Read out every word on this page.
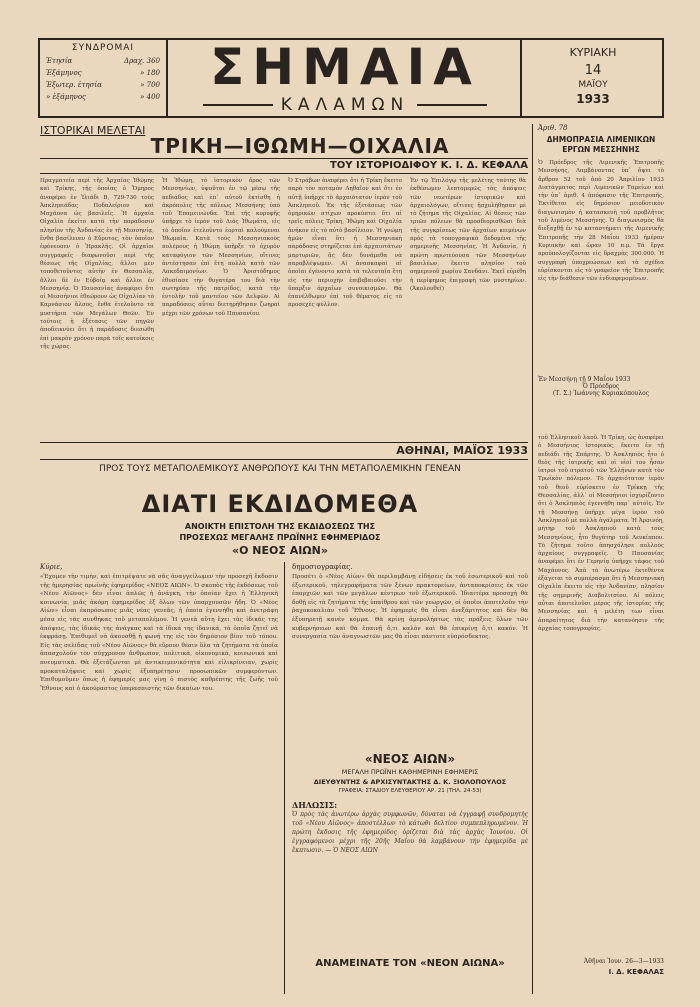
ΣΥΝΔΡΟΜΑΙ
Ἐτησία	Δραχ. 360
Ἑξάμηνος	» 180
Ἐξωτερ. ἐτησία	» 700
» ἑξάμηνος	» 400
ΣΗΜΑΙΑ
ΚΑΛΑΜΩΝ
ΚΥΡΙΑΚΗ
14
ΜΑΪΟΥ
1933
ΙΣΤΟΡΙΚΑΙ ΜΕΛΕΤΑΙ
ΤΡΙΚΗ—ΙΘΩΜΗ—ΟΙΧΑΛΙΑ
ΤΟΥ ΙΣΤΟΡΙΟΔΙΦΟΥ Κ. Ι. Δ. ΚΕΦΑΛΑ
Πραγματεία περὶ τῆς Ἀρχαίας Ἰθώμης καὶ Τρίκης, τῆς ὁποίας ὁ Ὅμηρος ἀναφέρει ἐν Ἰλιάδι Β, 729-730 τοὺς Ἀσκληπιάδας Ποδαλείριον καὶ Μαχάονα ὡς βασιλεῖς. Ἡ ἀρχαία Οἰχαλία ἐκείτο κατὰ τὴν παράδοσιν πλησίον τῆς Ἀνδανίας ἐν τῇ Μεσσηνίᾳ, ἔνθα βασίλευεν ὁ Εὔρυτος, τὸν ὁποῖον ἐφόνευσεν ὁ Ἡρακλῆς. Οἱ ἀρχαῖοι συγγραφεῖς διαφωνοῦσι περὶ τῆς θέσεως τῆς Οἰχαλίας, ἄλλοι μὲν τοποθετοῦντες αὐτὴν ἐν Θεσσαλίᾳ, ἄλλοι δὲ ἐν Εὐβοίᾳ καὶ ἄλλοι ἐν Μεσσηνίᾳ. Ὁ Παυσανίας ἀναφέρει ὅτι οἱ Μεσσήνιοι ἐθεώρουν ὡς Οἰχαλίαν τὸ Καρνάσιον ἄλσος, ἔνθα ἐτελοῦντο τὰ μυστήρια τῶν Μεγάλων Θεῶν. Ἐν τούτοις ἡ ἐξέτασις τῶν πηγῶν ἀποδεικνύει ὅτι ἡ παράδοσις διεσώθη ἐπὶ μακρὸν χρόνον παρὰ τοῖς κατοίκοις τῆς χώρας.
Ἡ Ἰθώμη, τὸ ἱστορικὸν ὄρος τῶν Μεσσηνίων, ὑψοῦται ἐν τῷ μέσῳ τῆς πεδιάδος καὶ ἐπ᾽ αὐτοῦ ἐκτίσθη ἡ ἀκρόπολις τῆς πόλεως Μεσσήνης ὑπὸ τοῦ Ἐπαμεινώνδα. Ἐπὶ τῆς κορυφῆς ὑπῆρχε τὸ ἱερὸν τοῦ Διὸς Ἰθωμάτα, εἰς τὸ ὁποῖον ἐτελοῦντο ἑορταὶ καλούμεναι Ἰθωμαῖα. Κατὰ τοὺς Μεσσηνιακοὺς πολέμους ἡ Ἰθώμη ὑπῆρξε τὸ ὀχυρὸν καταφύγιον τῶν Μεσσηνίων, οἵτινες ἀντέστησαν ἐπὶ ἔτη πολλὰ κατὰ τῶν Λακεδαιμονίων. Ὁ Ἀριστόδημος ἐθυσίασε τὴν θυγατέρα του διὰ τὴν σωτηρίαν τῆς πατρίδος, κατὰ τὴν ἐντολὴν τοῦ μαντείου τῶν Δελφῶν. Αἱ παραδόσεις αὗται διετηρήθησαν ζωηραὶ μέχρι τῶν χρόνων τοῦ Παυσανίου.
Ὁ Στράβων ἀναφέρει ὅτι ἡ Τρίκη ἔκειτο παρὰ τὸν ποταμὸν Ληθαῖον καὶ ὅτι ἐν αὐτῇ ὑπῆρχε τὸ ἀρχαιότατον ἱερὸν τοῦ Ἀσκληπιοῦ. Ἐκ τῆς ἐξετάσεως τῶν ὁμηρικῶν στίχων προκύπτει ὅτι αἱ τρεῖς πόλεις Τρίκη, Ἰθώμη καὶ Οἰχαλία ἀνήκον εἰς τὸ αὐτὸ βασίλειον. Ἡ γνώμη ἡμῶν εἶναι ὅτι ἡ Μεσσηνιακὴ παράδοσις στηρίζεται ἐπὶ ἀρχαιοτάτων μαρτυριῶν, ἃς δὲν δυνάμεθα νὰ παραβλέψωμεν. Αἱ ἀνασκαφαὶ αἱ ὁποῖαι ἐγένοντο κατὰ τὰ τελευταῖα ἔτη εἰς τὴν περιοχὴν ἐπιβεβαιοῦσι τὴν ὕπαρξιν ἀρχαίων συνοικισμῶν. Θὰ ἐπανέλθωμεν ἐπὶ τοῦ θέματος εἰς τὸ προσεχὲς φύλλον.
Ἐν τῷ Ἐπιλόγῳ τῆς μελέτης ταύτης θὰ ἐκθέσωμεν λεπτομερῶς τὰς ἀπόψεις τῶν νεωτέρων ἱστορικῶν καὶ ἀρχαιολόγων, οἵτινες ἠσχολήθησαν μὲ τὸ ζήτημα τῆς Οἰχαλίας. Αἱ θέσεις τῶν τριῶν πόλεων θὰ προσδιορισθῶσι διὰ τῆς συγκρίσεως τῶν ἀρχαίων κειμένων πρὸς τὰ τοπογραφικὰ δεδομένα τῆς σημερινῆς Μεσσηνίας. Ἡ Ἀνδανία, ἡ πρώτη πρωτεύουσα τῶν Μεσσηνίων βασιλέων, ἔκειτο πλησίον τοῦ σημερινοῦ χωρίου Σανδάνι. Ἐκεῖ εὑρέθη ἡ περίφημος ἐπιγραφὴ τῶν μυστηρίων. (Ἀκολουθεῖ)
Ἀριθ. 78
ΔΗΜΟΠΡΑΣΙΑ ΛΙΜΕΝΙΚΩΝ ΕΡΓΩΝ ΜΕΣΣΗΝΗΣ
Ὁ Πρόεδρος τῆς Λιμενικῆς Ἐπιτροπῆς Μεσσήνης, Λαμβάνοντας ὑπ᾽ ὄψει τὸ ἄρθρον 52 τοῦ ἀπὸ 20 Ἀπριλίου 1933 Διατάγματος περὶ Λιμενικῶν Ταμείων καὶ τὴν ὑπ᾽ ἀριθ. 4 ἀπόφασιν τῆς Ἐπιτροπῆς, Ἐκτίθεται εἰς δημόσιον μειοδοτικὸν διαγωνισμὸν ἡ κατασκευὴ τοῦ προβλῆτος τοῦ λιμένος Μεσσήνης. Ὁ διαγωνισμὸς θὰ διεξαχθῇ ἐν τῷ καταστήματι τῆς Λιμενικῆς Ἐπιτροπῆς τὴν 28 Μαΐου 1933 ἡμέραν Κυριακὴν καὶ ὥραν 10 π.μ. Τὰ ἔργα προϋπολογίζονται εἰς δραχμὰς 300.000. Ἡ συγγραφὴ ὑποχρεώσεων καὶ τὰ σχέδια εὑρίσκονται εἰς τὸ γραφεῖον τῆς Ἐπιτροπῆς εἰς τὴν διάθεσιν τῶν ἐνδιαφερομένων.
Ἐν Μεσσήνῃ τῇ 9 Μαΐου 1933
Ὁ Πρόεδρος
(Τ. Σ.) Ἰωάννης Κυριακόπουλος
ΑΘΗΝΑΙ, ΜΑΪΟΣ 1933
ΠΡΟΣ ΤΟΥΣ ΜΕΤΑΠΟΛΕΜΙΚΟΥΣ ΑΝΘΡΩΠΟΥΣ ΚΑΙ ΤΗΝ ΜΕΤΑΠΟΛΕΜΙΚΗΝ ΓΕΝΕΑΝ
ΔΙΑΤΙ ΕΚΔΙΔΟΜΕΘΑ
ΑΝΟΙΚΤΗ ΕΠΙΣΤΟΛΗ ΤΗΣ ΕΚΔΙΔΟΣΕΩΣ ΤΗΣ
ΠΡΟΣΕΧΩΣ ΜΕΓΑΛΗΣ ΠΡΩΪΝΗΣ ΕΦΗΜΕΡΙΔΟΣ
«Ο ΝΕΟΣ ΑΙΩΝ»
Κύριε,
«Ἐχομεν τὴν τιμὴν, καὶ ἐπιτρέψατε νὰ σᾶς ἀναγγείλωμεν τὴν προσεχῆ ἔκδοσιν τῆς ἡμερησίας πρωϊνῆς ἐφημερίδος «ΝΕΟΣ ΑΙΩΝ». Ὁ σκοπὸς τῆς ἐκδόσεως τοῦ «Νέου Αἰῶνος» δὲν εἶναι ἁπλῶς ἡ ἀνάγκη, τὴν ὁποίαν ἔχει ἡ Ἑλληνικὴ κοινωνία, μιᾶς ἀκόμη ἐφημερίδος ἐξ ὅλων τῶν ὑπαρχουσῶν ἤδη. Ὁ «Νέος Αἰὼν» εἶναι ἐκπρόσωπος μιᾶς νέας γενεᾶς, ἡ ὁποία ἐγεννήθη καὶ ἀνετράφη μέσα εἰς τὰς συνθήκας τοῦ μεταπολέμου. Ἡ γενεὰ αὕτη ἔχει τὰς ἰδικάς της ἀπόψεις, τὰς ἰδικάς της ἀνάγκας καὶ τὰ ἰδικά της ἰδανικά, τὰ ὁποῖα ζητεῖ νὰ ἐκφράσῃ. Ἐπιθυμεῖ νὰ ἀκουσθῇ ἡ φωνή της εἰς τὸν δημόσιον βίον τοῦ τόπου. Εἰς τὰς σελίδας τοῦ «Νέου Αἰῶνος» θὰ εὕρουν θέσιν ὅλα τὰ ζητήματα τὰ ὁποῖα ἀπασχολοῦν τὸν σύγχρονον ἄνθρωπον, πολιτικά, οἰκονομικά, κοινωνικά καὶ πνευματικά. Θὰ ἐξετάζωνται μὲ ἀντικειμενικότητα καὶ εἰλικρίνειαν, χωρὶς προκαταλήψεις καὶ χωρὶς ἐξυπηρέτησιν προσωπικῶν συμφερόντων. Ἐπιθυμοῦμεν ὅπως ἡ ἐφημερίς μας γίνῃ ὁ πιστὸς καθρέπτης τῆς ζωῆς τοῦ Ἔθνους καὶ ὁ ἀκούραστος ὑπερασπιστὴς τῶν δικαίων του.
δημοσιογραφίας.
Προσέτι ὁ «Νέος Αἰὼν» θὰ περιλαμβάνῃ εἰδήσεις ἐκ τοῦ ἐσωτερικοῦ καὶ τοῦ ἐξωτερικοῦ, τηλεγραφήματα τῶν ξένων πρακτορείων, ἀνταποκρίσεις ἐκ τῶν ἐπαρχιῶν καὶ τῶν μεγάλων κέντρων τοῦ ἐξωτερικοῦ. Ἰδιαιτέρα προσοχὴ θὰ δοθῇ εἰς τὰ ζητήματα τῆς ὑπαίθρου καὶ τῶν γεωργῶν, οἱ ὁποῖοι ἀποτελοῦν τὴν ῥαχοκοκαλιὰν τοῦ Ἔθνους. Ἡ ἐφημερὶς θὰ εἶναι ἀνεξάρτητος καὶ δὲν θὰ ἐξυπηρετῇ κανὲν κόμμα. Θὰ κρίνῃ ἀμερολήπτως τὰς πράξεις ὅλων τῶν κυβερνήσεων καὶ θὰ ἐπαινῇ ὅ,τι καλὸν καὶ θὰ ἐπικρίνῃ ὅ,τι κακόν. Ἡ συνεργασία τῶν ἀναγνωστῶν μας θὰ εἶναι πάντοτε εὐπρόσδεκτος.
«ΝΕΟΣ ΑΙΩΝ»
ΜΕΓΑΛΗ ΠΡΩΪΝΗ ΚΑΘΗΜΕΡΙΝΗ ΕΦΗΜΕΡΙΣ
ΔΙΕΥΘΥΝΤΗΣ & ΑΡΧΙΣΥΝΤΑΚΤΗΣ Δ. Κ. ΞΙΟΛΟΠΟΥΛΟΣ
ΓΡΑΦΕΙΑ: ΣΤΑΔΙΟΥ ΕΛΕΥΘΕΡΙΟΥ ΑΡ. 21 (ΤΗΛ. 24-53)
ΔΗΛΩΣΙΣ:
Ὁ πρὸς τὰς ἀνωτέρω ἀρχὰς συμφωνῶν, δύναται νὰ ἐγγραφῇ συνδρομητὴς τοῦ «Νέου Αἰῶνος» ἀποστέλλων τὸ κάτωθι δελτίον συμπεπληρωμένον. Ἡ πρώτη ἔκδοσις τῆς ἐφημερίδος ὁρίζεται διὰ τὰς ἀρχὰς Ἰουνίου. Οἱ ἐγγραφόμενοι μέχρι τῆς 20ῆς Μαΐου θὰ λαμβάνουν τὴν ἐφημερίδα μὲ ἔκπτωσιν. — Ὁ ΝΕΟΣ ΑΙΩΝ
ΑΝΑΜΕΙΝΑΤΕ ΤΟΝ «ΝΕΟΝ ΑΙΩΝΑ»
τοῦ Ἑλληνικοῦ λαοῦ. Ἡ Τρίκη, ὡς ἀναφέρει ὁ Μεσσήνιος ἱστορικὸς, ἔκειτο ἐν τῇ πεδιάδι τῆς Σπάρτης. Ὁ Ἀσκληπιὸς ἦτο ὁ θεὸς τῆς ἰατρικῆς καὶ οἱ υἱοί του ἦσαν ἰατροὶ τοῦ στρατοῦ τῶν Ἑλλήνων κατὰ τὸν Τρωϊκὸν πόλεμον. Τὸ ἀρχαιότατον ἱερὸν τοῦ θεοῦ εὑρίσκετο ἐν Τρίκκῃ τῆς Θεσσαλίας, ἀλλ᾽ οἱ Μεσσήνιοι ἰσχυρίζοντο ὅτι ὁ Ἀσκληπιὸς ἐγεννήθη παρ᾽ αὐτοῖς. Ἐν τῇ Μεσσήνῃ ὑπῆρχε μέγα ἱερὸν τοῦ Ἀσκληπιοῦ μὲ πολλὰ ἀγάλματα. Ἡ Ἀρσινόη, μήτηρ τοῦ Ἀσκληπιοῦ κατὰ τοὺς Μεσσηνίους, ἦτο θυγάτηρ τοῦ Λευκίππου. Τὸ ζήτημα τοῦτο ἀπησχόλησε πολλοὺς ἀρχαίους συγγραφεῖς. Ὁ Παυσανίας ἀναφέρει ὅτι ἐν Γερηνίᾳ ὑπῆρχε τάφος τοῦ Μαχάονος. Ἀπὸ τὰ ἀνωτέρω ἐκτεθέντα ἐξάγεται τὸ συμπέρασμα ὅτι ἡ Μεσσηνιακὴ Οἰχαλία ἔκειτο εἰς τὴν Ἀνδανίαν, πλησίον τῆς σημερινῆς Διαβολιτσίου. Αἱ πόλεις αὗται ἀποτελοῦσι μέρος τῆς ἱστορίας τῆς Μεσσηνίας καὶ ἡ μελέτη των εἶναι ἀπαραίτητος διὰ τὴν κατανόησιν τῆς ἀρχαίας τοπογραφίας.
Ἀθῆναι Ἰουν. 26—3—1933
Ι. Δ. ΚΕΦΑΛΑΣ
